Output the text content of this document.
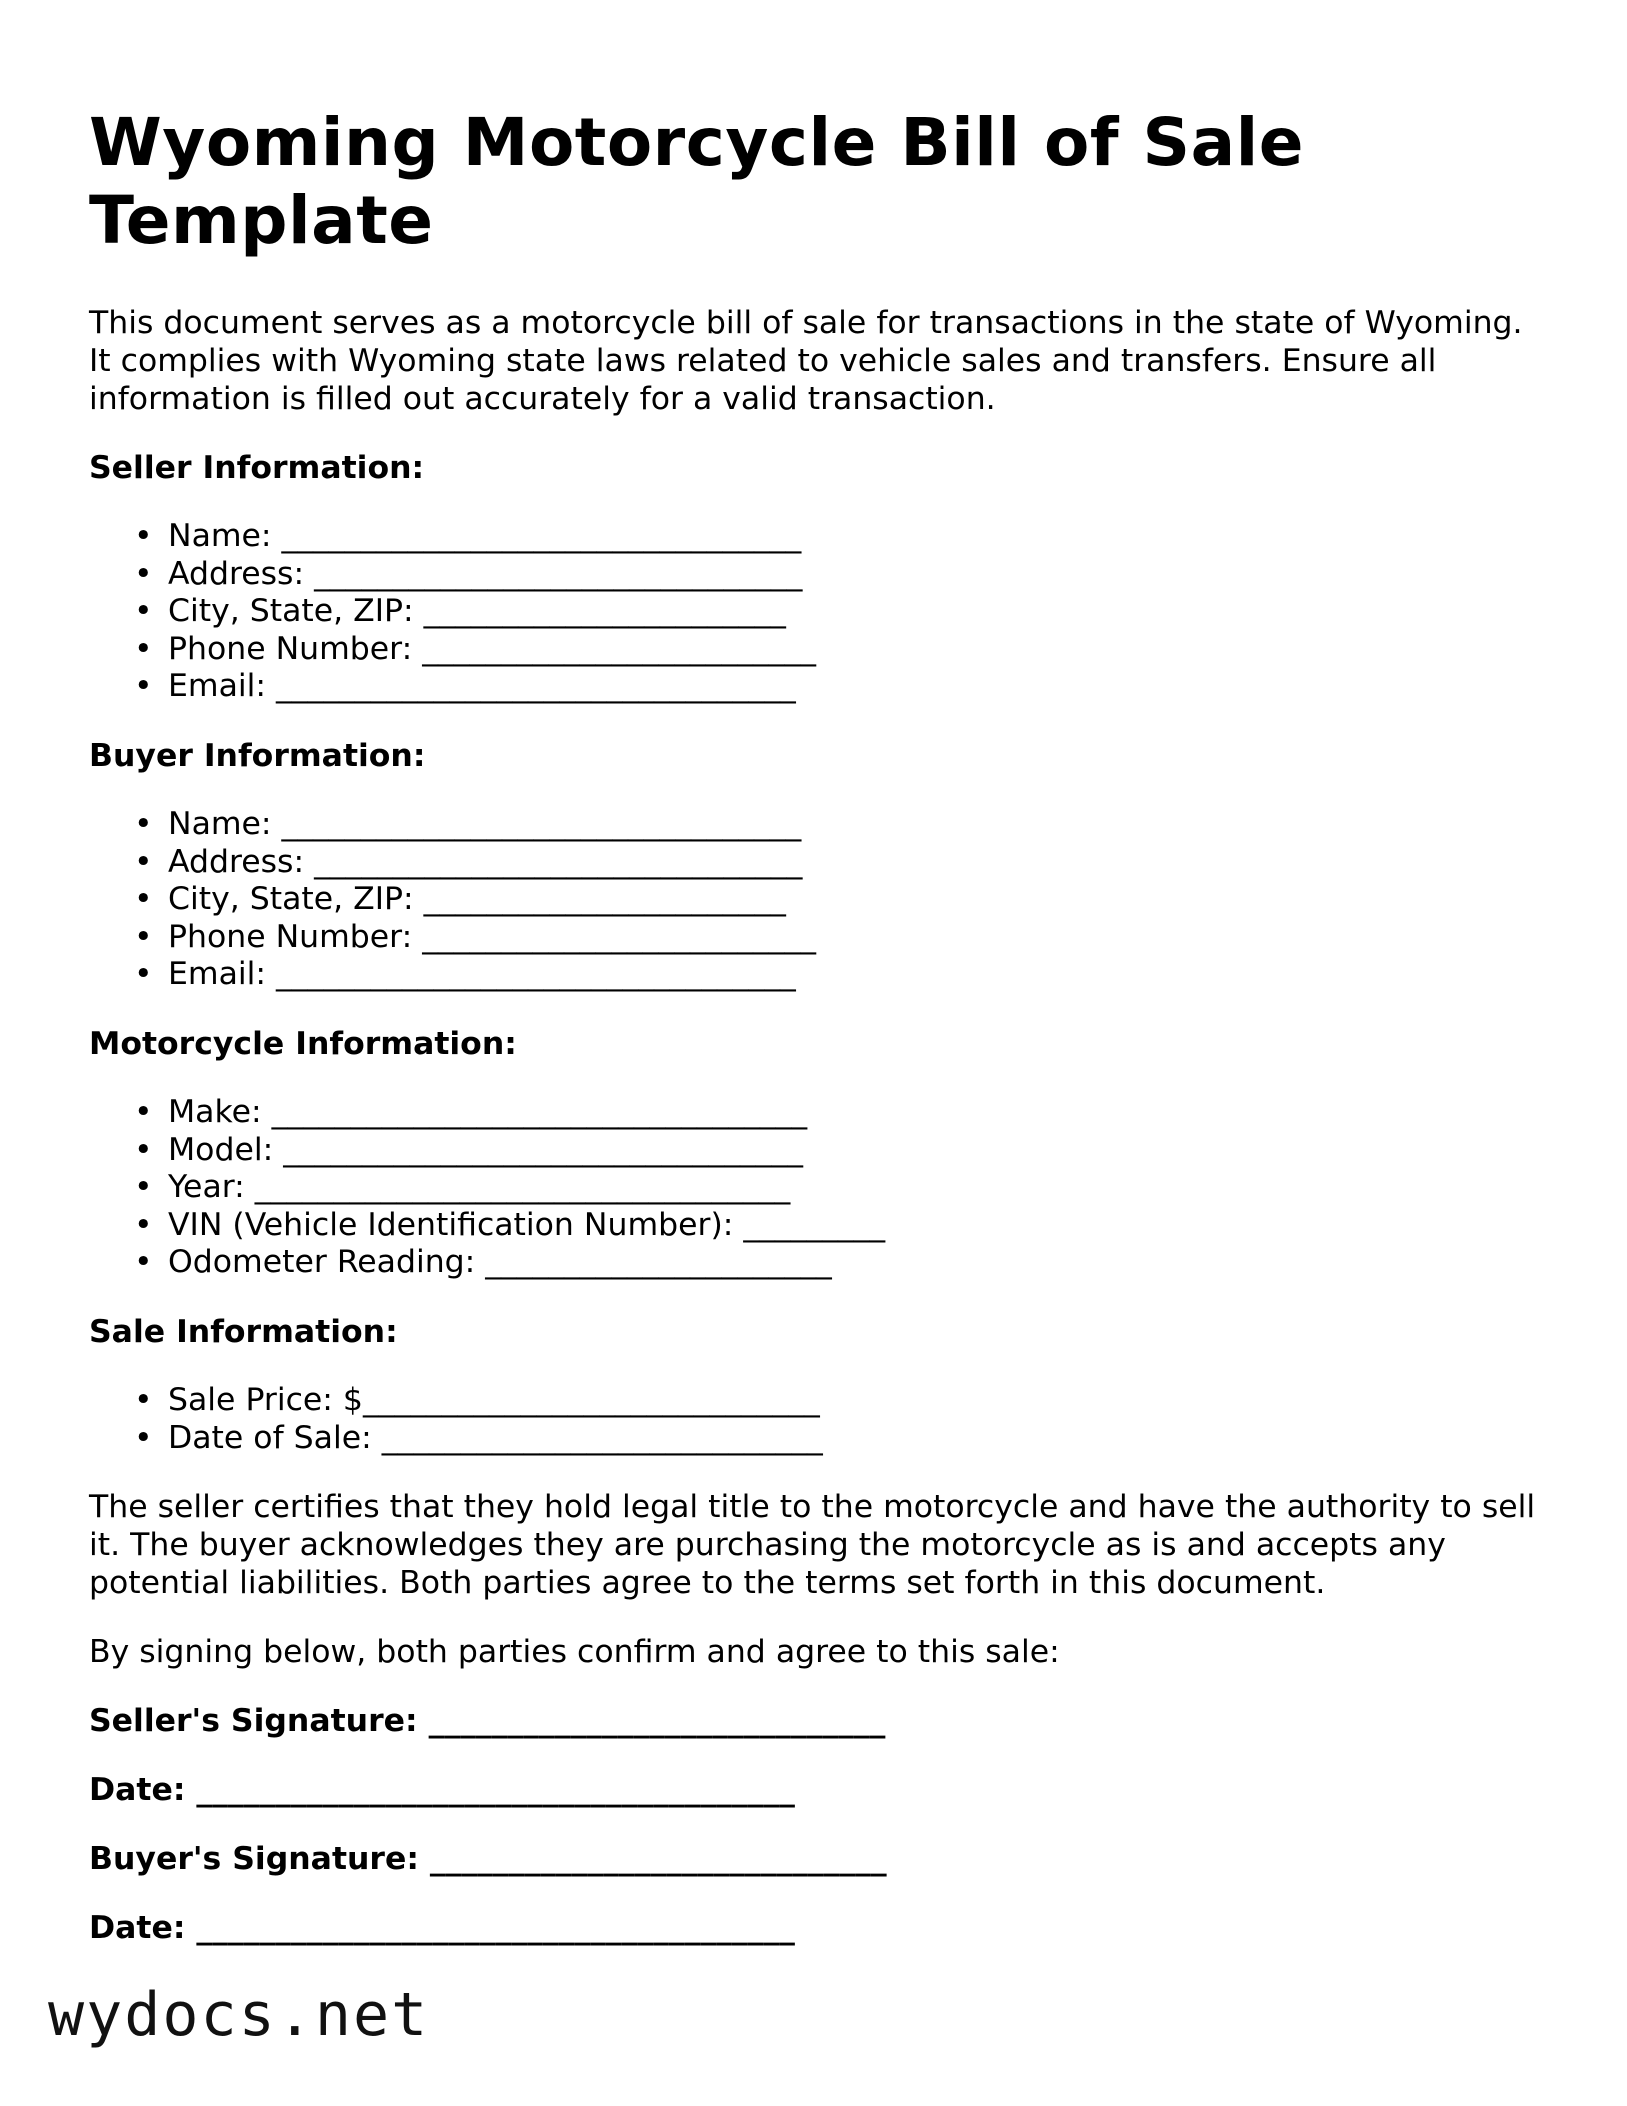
Wyoming Motorcycle Bill of Sale Template

This document serves as a motorcycle bill of sale for transactions in the state of Wyoming. It complies with Wyoming state laws related to vehicle sales and transfers. Ensure all information is filled out accurately for a valid transaction.

Seller Information:
• Name: _________________________________
• Address: _______________________________
• City, State, ZIP: _______________________
• Phone Number: _________________________
• Email: _________________________________
Buyer Information:
• Name: _________________________________
• Address: _______________________________
• City, State, ZIP: _______________________
• Phone Number: _________________________
• Email: _________________________________
Motorcycle Information:
• Make: __________________________________
• Model: _________________________________
• Year: __________________________________
• VIN (Vehicle Identification Number): _________
• Odometer Reading: ______________________
Sale Information:
• Sale Price: $_____________________________
• Date of Sale: ____________________________

The seller certifies that they hold legal title to the motorcycle and have the authority to sell it. The buyer acknowledges they are purchasing the motorcycle as is and accepts any potential liabilities. Both parties agree to the terms set forth in this document.

By signing below, both parties confirm and agree to this sale:

Seller's Signature: _____________________________
Date: ______________________________________
Buyer's Signature: _____________________________
Date: ______________________________________
wydocs.net
